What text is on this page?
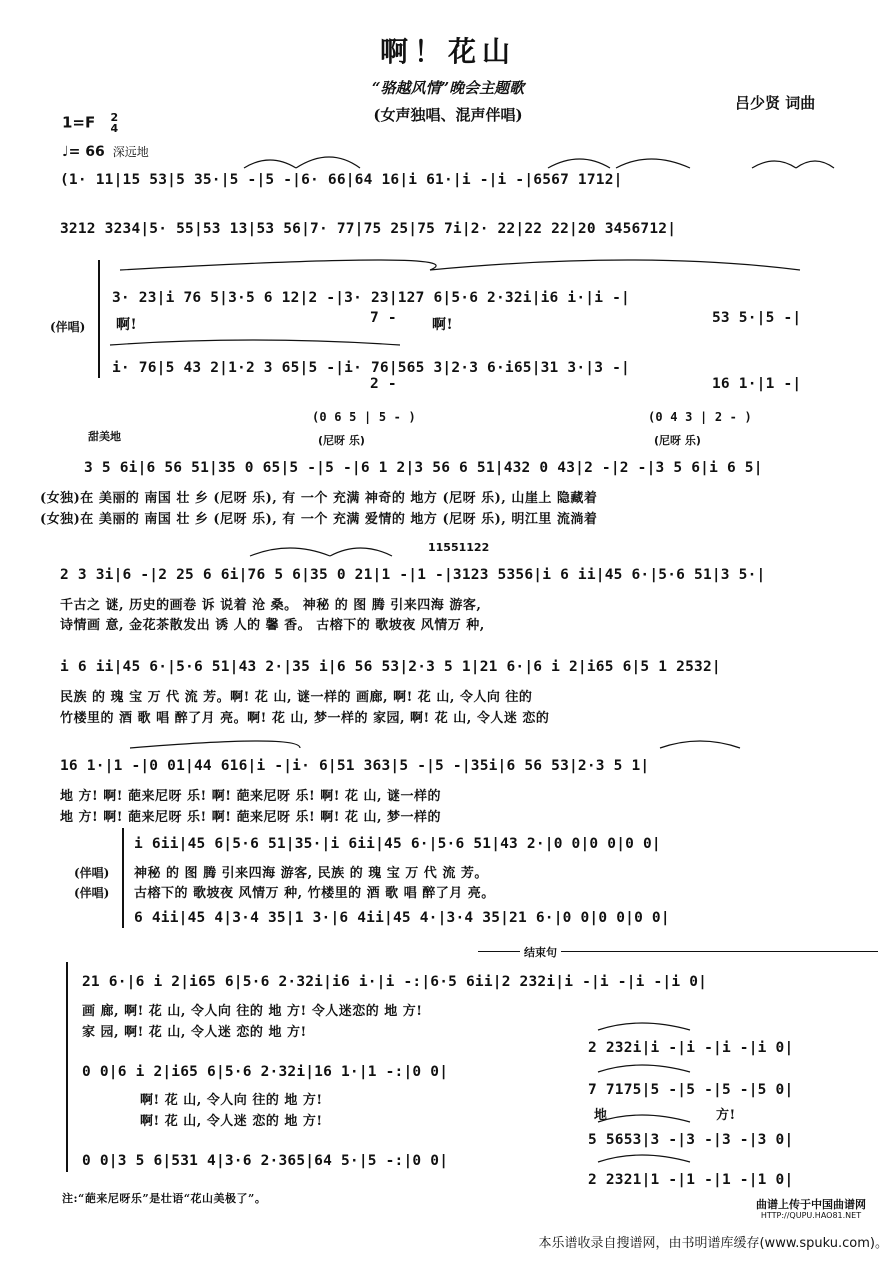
啊！花山
“骆越风情”晚会主题歌
(女声独唱、混声伴唱)
吕少贤 词曲
1=F 2
4
♩= 66 深远地
(1· 11|15 53|5 35·|5 -|5 -|6· 66|64 16|i 61·|i -|i -|6567 1712|
3212 3234|5· 55|53 13|53 56|7· 77|75 25|75 7i|2· 22|22 22|20 3456712|
(伴唱)
3· 23|i 76 5|3·5 6 12|2 -|3· 23|127 6|5·6 2·32i|i6 i·|i -|
7 -	53 5·|5 -|
啊!	啊!
i· 76|5 43 2|1·2 3 65|5 -|i· 76|565 3|2·3 6·i65|31 3·|3 -|
2 -	16 1·|1 -|
甜美地
(0 6 5 | 5 - )
(尼呀 乐)
(0 4 3 | 2 - )
(尼呀 乐)
3 5 6i|6 56 51|35 0 65|5 -|5 -|6 1 2|3 56 6 51|432 0 43|2 -|2 -|3 5 6|i 6 5|
(女独)在 美丽的 南国 壮 乡 (尼呀 乐), 有 一个 充满 神奇的 地方 (尼呀 乐), 山崖上 隐藏着
(女独)在 美丽的 南国 壮 乡 (尼呀 乐), 有 一个 充满 爱情的 地方 (尼呀 乐), 明江里 流淌着
11551122
2 3 3i|6 -|2 25 6 6i|76 5 6|35 0 21|1 -|1 -|3123 5356|i 6 ii|45 6·|5·6 51|3 5·|
千古之 谜, 历史的画卷 诉 说着 沧 桑。 神秘 的 图 腾 引来四海 游客,
诗情画 意, 金花茶散发出 诱 人的 馨 香。 古榕下的 歌坡夜 风情万 种,
i 6 ii|45 6·|5·6 51|43 2·|35 i|6 56 53|2·3 5 1|21 6·|6 i 2|i65 6|5 1 2532|
民族 的 瑰 宝 万 代 流 芳。啊! 花 山, 谜一样的 画廊, 啊! 花 山, 令人向 往的
竹楼里的 酒 歌 唱 醉了月 亮。啊! 花 山, 梦一样的 家园, 啊! 花 山, 令人迷 恋的
16 1·|1 -|0 01|44 616|i -|i· 6|51 363|5 -|5 -|35i|6 56 53|2·3 5 1|
地 方! 啊! 葩来尼呀 乐! 啊! 葩来尼呀 乐! 啊! 花 山, 谜一样的
地 方! 啊! 葩来尼呀 乐! 啊! 葩来尼呀 乐! 啊! 花 山, 梦一样的
i 6ii|45 6|5·6 51|35·|i 6ii|45 6·|5·6 51|43 2·|0 0|0 0|0 0|
(伴唱)
(伴唱)
神秘 的 图 腾 引来四海 游客, 民族 的 瑰 宝 万 代 流 芳。
古榕下的 歌坡夜 风情万 种, 竹楼里的 酒 歌 唱 醉了月 亮。
6 4ii|45 4|3·4 35|1 3·|6 4ii|45 4·|3·4 35|21 6·|0 0|0 0|0 0|
结束句
21 6·|6 i 2|i65 6|5·6 2·32i|i6 i·|i -:|6·5 6ii|2 232i|i -|i -|i -|i 0|
画 廊, 啊! 花 山, 令人向 往的 地 方! 令人迷恋的 地 方!
家 园, 啊! 花 山, 令人迷 恋的 地 方!
2 232i|i -|i -|i -|i 0|
0 0|6 i 2|i65 6|5·6 2·32i|16 1·|1 -:|0 0|
7 7175|5 -|5 -|5 -|5 0|
啊! 花 山, 令人向 往的 地 方!
啊! 花 山, 令人迷 恋的 地 方!	地	方!
5 5653|3 -|3 -|3 -|3 0|
0 0|3 5 6|531 4|3·6 2·365|64 5·|5 -:|0 0|
2 2321|1 -|1 -|1 -|1 0|
注:“葩来尼呀乐”是壮语“花山美极了”。	曲谱上传于中国曲谱网
HTTP://QUPU.HAO81.NET
本乐谱收录自搜谱网，由书明谱库缓存(www.spuku.com)。
